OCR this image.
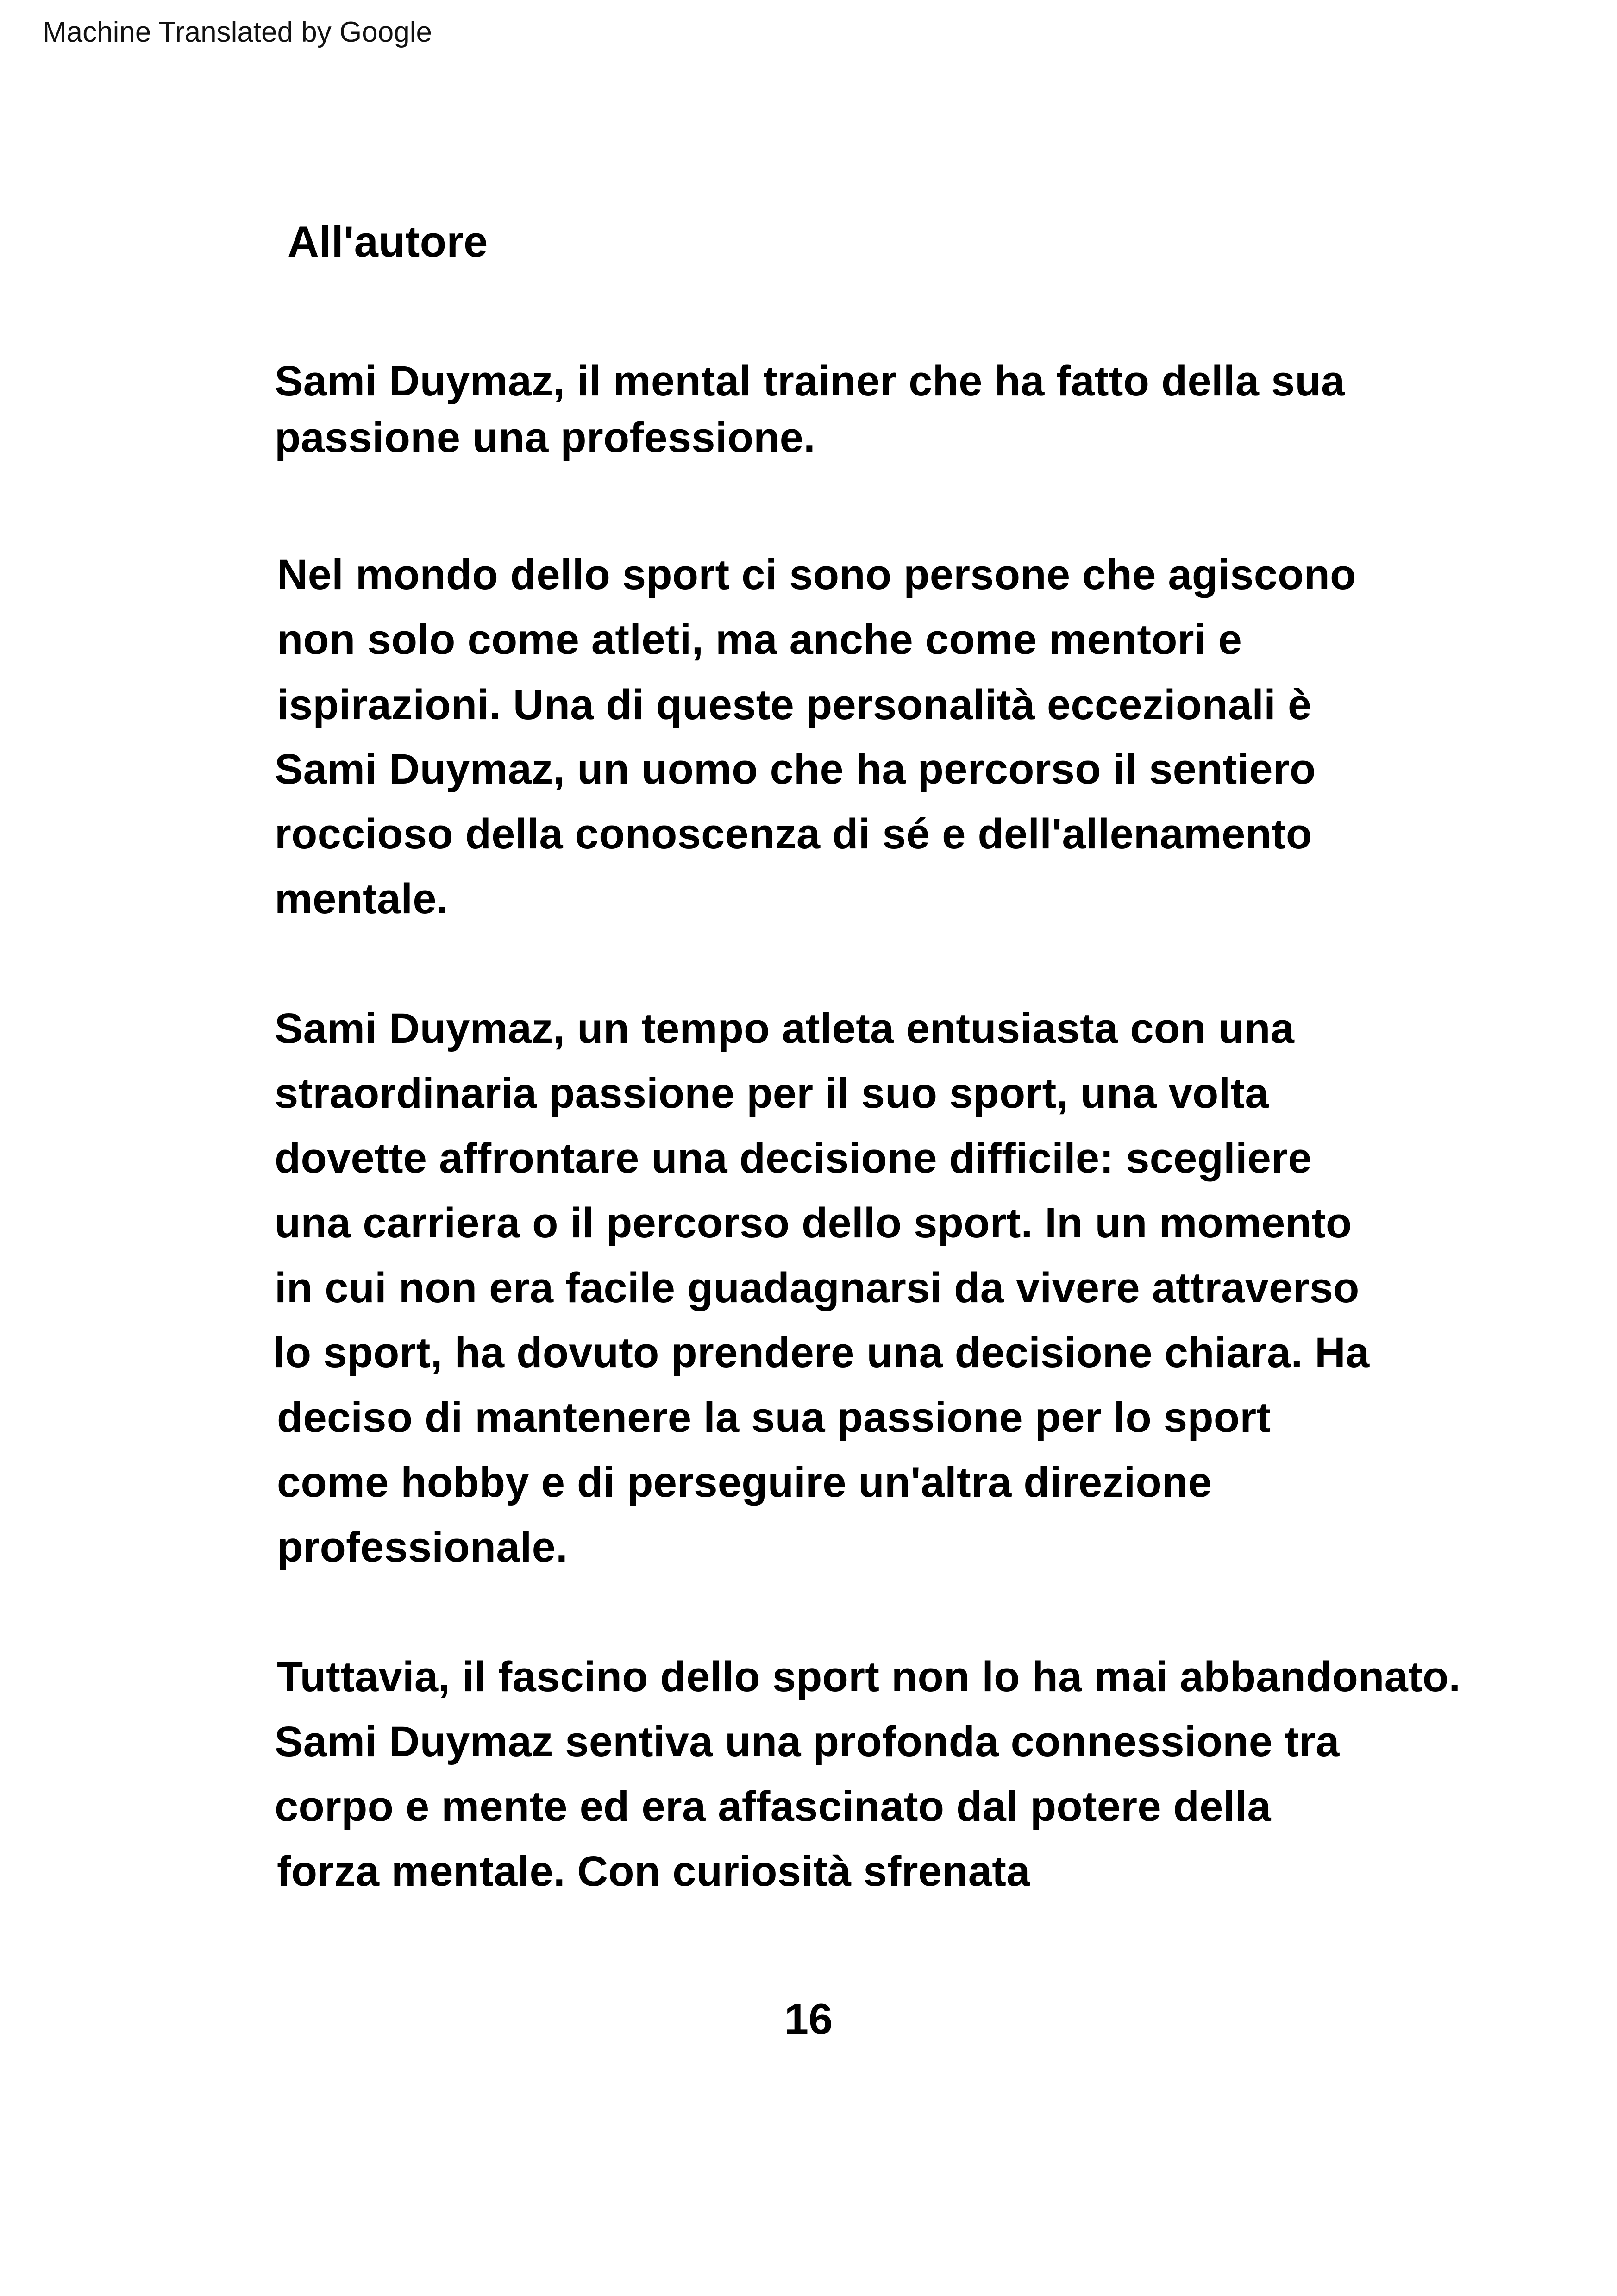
Machine Translated by Google
All'autore
Sami Duymaz, il mental trainer che ha fatto della sua
passione una professione.
Nel mondo dello sport ci sono persone che agiscono
non solo come atleti, ma anche come mentori e
ispirazioni. Una di queste personalità eccezionali è
Sami Duymaz, un uomo che ha percorso il sentiero
roccioso della conoscenza di sé e dell'allenamento
mentale.
Sami Duymaz, un tempo atleta entusiasta con una
straordinaria passione per il suo sport, una volta
dovette affrontare una decisione difficile: scegliere
una carriera o il percorso dello sport. In un momento
in cui non era facile guadagnarsi da vivere attraverso
lo sport, ha dovuto prendere una decisione chiara. Ha
deciso di mantenere la sua passione per lo sport
come hobby e di perseguire un'altra direzione
professionale.
Tuttavia, il fascino dello sport non lo ha mai abbandonato.
Sami Duymaz sentiva una profonda connessione tra
corpo e mente ed era affascinato dal potere della
forza mentale. Con curiosità sfrenata
16
